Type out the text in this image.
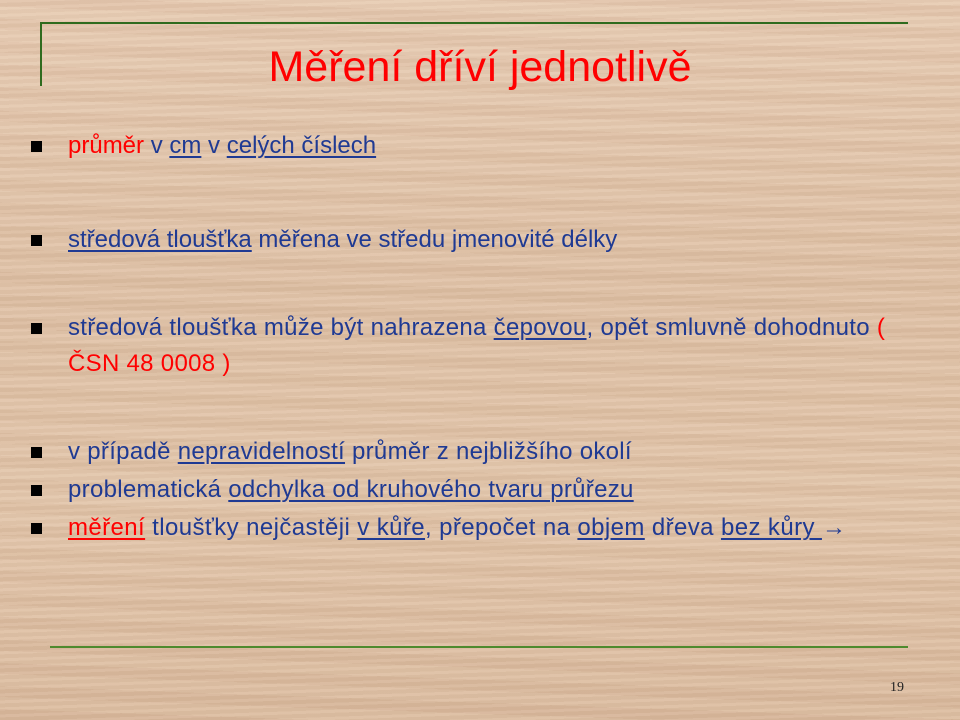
Měření dříví jednotlivě
průměr v cm v celých číslech
středová tloušťka měřena ve středu jmenovité délky
středová tloušťka může být nahrazena čepovou, opět smluvně dohodnuto ( ČSN 48 0008 )
v případě nepravidelností průměr z nejbližšího okolí
problematická odchylka od kruhového tvaru průřezu
měření tloušťky nejčastěji v kůře, přepočet na objem dřeva bez kůry →
19
